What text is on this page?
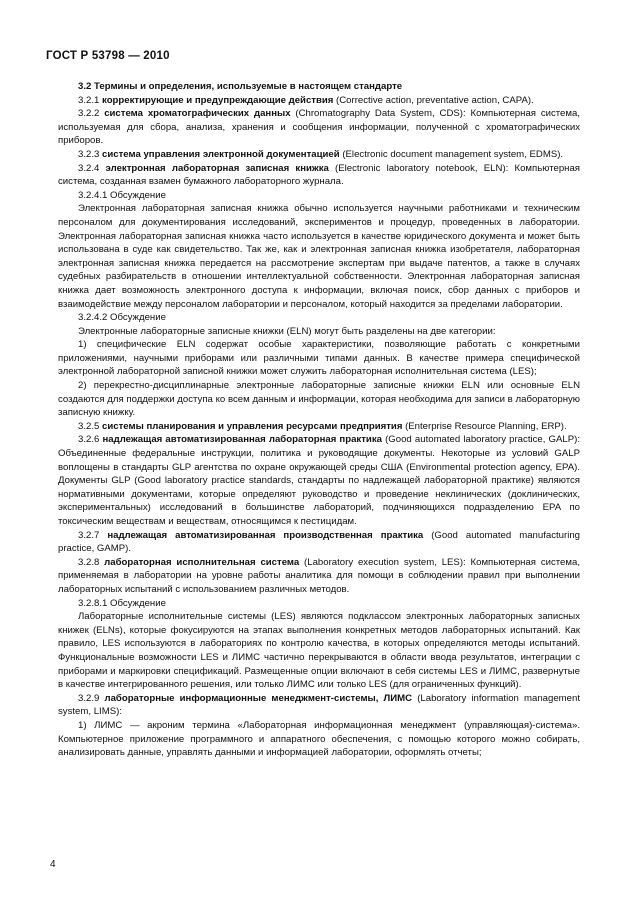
ГОСТ Р 53798 — 2010

3.2 Термины и определения, используемые в настоящем стандарте

3.2.1 корректирующие и предупреждающие действия (Corrective action, preventative action, CAPA).

3.2.2 система хроматографических данных (Chromatography Data System, CDS): Компьютерная система, используемая для сбора, анализа, хранения и сообщения информации, полученной с хроматографических приборов.

3.2.3 система управления электронной документацией (Electronic document management system, EDMS).

3.2.4 электронная лабораторная записная книжка (Electronic laboratory notebook, ELN): Компьютерная система, созданная взамен бумажного лабораторного журнала.

3.2.4.1 Обсуждение

Электронная лабораторная записная книжка обычно используется научными работниками и техническим персоналом для документирования исследований, экспериментов и процедур, проведенных в лаборатории. Электронная лабораторная записная книжка часто используется в качестве юридического документа и может быть использована в суде как свидетельство. Так же, как и электронная записная книжка изобретателя, лабораторная электронная записная книжка передается на рассмотрение экспертам при выдаче патентов, а также в случаях судебных разбирательств в отношении интеллектуальной собственности. Электронная лабораторная записная книжка дает возможность электронного доступа к информации, включая поиск, сбор данных с приборов и взаимодействие между персоналом лаборатории и персоналом, который находится за пределами лаборатории.

3.2.4.2 Обсуждение

Электронные лабораторные записные книжки (ELN) могут быть разделены на две категории:

1) специфические ELN содержат особые характеристики, позволяющие работать с конкретными приложениями, научными приборами или различными типами данных. В качестве примера специфической электронной лабораторной записной книжки может служить лабораторная исполнительная система (LES);

2) перекрестно-дисциплинарные электронные лабораторные записные книжки ELN или основные ELN создаются для поддержки доступа ко всем данным и информации, которая необходима для записи в лабораторную записную книжку.

3.2.5 системы планирования и управления ресурсами предприятия (Enterprise Resource Planning, ERP).

3.2.6 надлежащая автоматизированная лабораторная практика (Good automated laboratory practice, GALP): Объединенные федеральные инструкции, политика и руководящие документы. Некоторые из условий GALP воплощены в стандарты GLP агентства по охране окружающей среды США (Environmental protection agency, EPA). Документы GLP (Good laboratory practice standards, стандарты по надлежащей лабораторной практике) являются нормативными документами, которые определяют руководство и проведение неклинических (доклинических, экспериментальных) исследований в большинстве лабораторий, подчиняющихся подразделению EPA по токсическим веществам и веществам, относящимся к пестицидам.

3.2.7 надлежащая автоматизированная производственная практика (Good automated manufacturing practice, GAMP).

3.2.8 лабораторная исполнительная система (Laboratory execution system, LES): Компьютерная система, применяемая в лаборатории на уровне работы аналитика для помощи в соблюдении правил при выполнении лабораторных испытаний с использованием различных методов.

3.2.8.1 Обсуждение

Лабораторные исполнительные системы (LES) являются подклассом электронных лабораторных записных книжек (ELNs), которые фокусируются на этапах выполнения конкретных методов лабораторных испытаний. Как правило, LES используются в лабораториях по контролю качества, в которых определяются методы испытаний. Функциональные возможности LES и ЛИМС частично перекрываются в области ввода результатов, интеграции с приборами и маркировки спецификаций. Размещенные опции включают в себя системы LES и ЛИМС, развернутые в качестве интегрированного решения, или только ЛИМС или только LES (для ограниченных функций).

3.2.9 лабораторные информационные менеджмент-системы, ЛИМС (Laboratory information management system, LIMS):

1) ЛИМС — акроним термина «Лабораторная информационная менеджмент (управляющая)-система». Компьютерное приложение программного и аппаратного обеспечения, с помощью которого можно собирать, анализировать данные, управлять данными и информацией лаборатории, оформлять отчеты;

4
